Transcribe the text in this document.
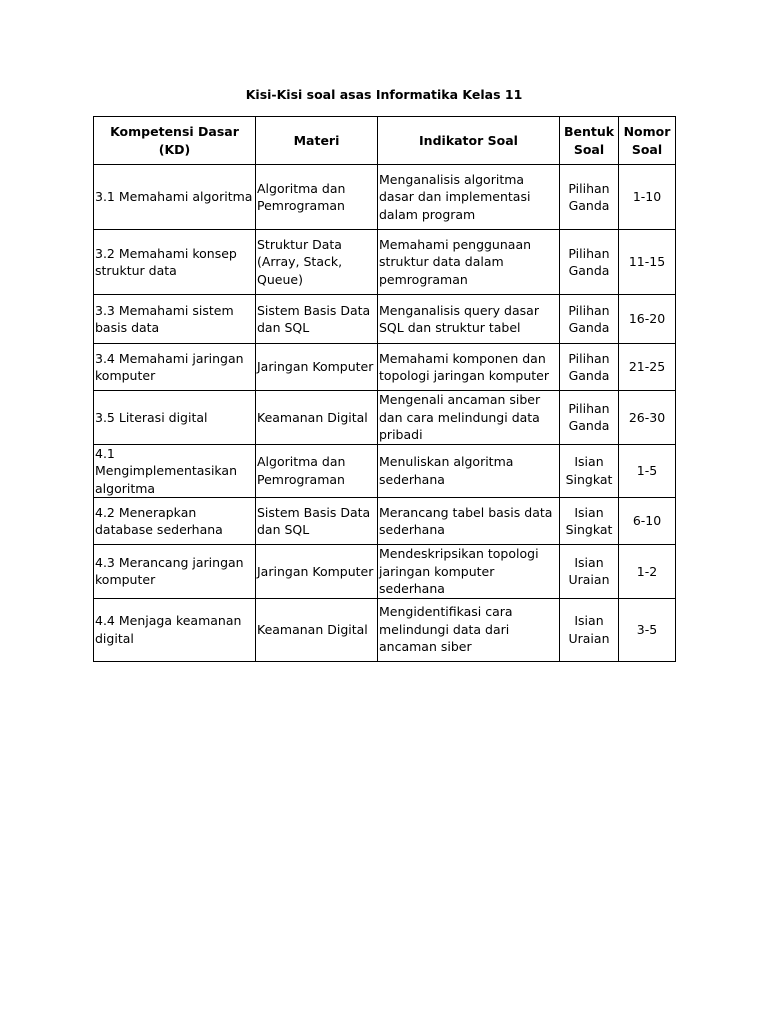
Kisi-Kisi soal asas Informatika Kelas 11
Kompetensi Dasar (KD)	Materi	Indikator Soal	Bentuk Soal	Nomor Soal
3.1 Memahami algoritma	Algoritma dan Pemrograman	Menganalisis algoritma dasar dan implementasi dalam program	Pilihan Ganda	1-10
3.2 Memahami konsep struktur data	Struktur Data (Array, Stack, Queue)	Memahami penggunaan struktur data dalam pemrograman	Pilihan Ganda	11-15
3.3 Memahami sistem basis data	Sistem Basis Data dan SQL	Menganalisis query dasar SQL dan struktur tabel	Pilihan Ganda	16-20
3.4 Memahami jaringan komputer	Jaringan Komputer	Memahami komponen dan topologi jaringan komputer	Pilihan Ganda	21-25
3.5 Literasi digital	Keamanan Digital	Mengenali ancaman siber dan cara melindungi data pribadi	Pilihan Ganda	26-30
4.1 Mengimplementasikan algoritma	Algoritma dan Pemrograman	Menuliskan algoritma sederhana	Isian Singkat	1-5
4.2 Menerapkan database sederhana	Sistem Basis Data dan SQL	Merancang tabel basis data sederhana	Isian Singkat	6-10
4.3 Merancang jaringan komputer	Jaringan Komputer	Mendeskripsikan topologi jaringan komputer sederhana	Isian Uraian	1-2
4.4 Menjaga keamanan digital	Keamanan Digital	Mengidentifikasi cara melindungi data dari ancaman siber	Isian Uraian	3-5
